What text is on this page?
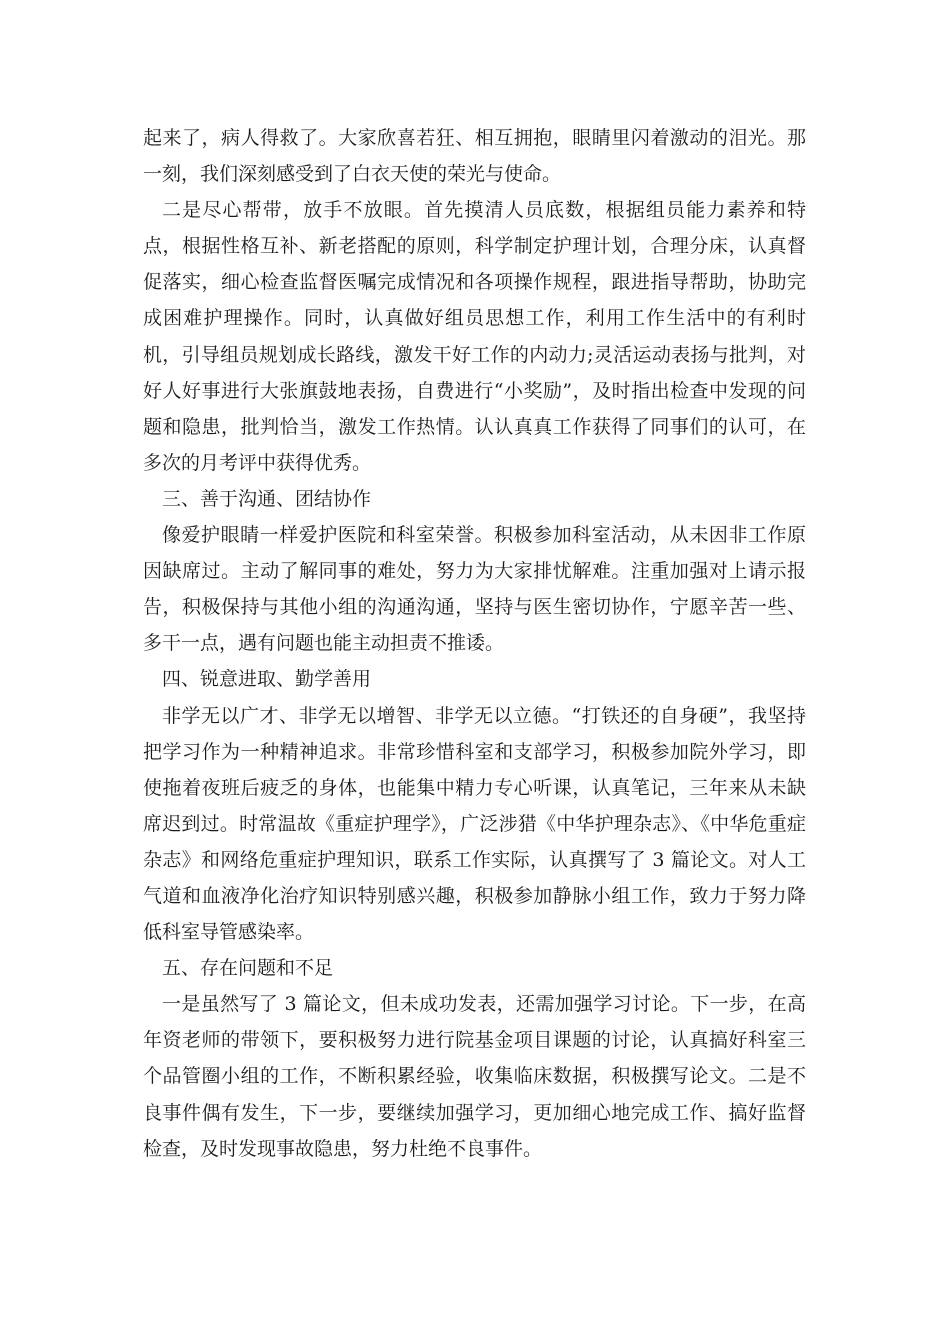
起来了，病人得救了。大家欣喜若狂、相互拥抱，眼睛里闪着激动的泪光。那一刻，我们深刻感受到了白衣天使的荣光与使命。

二是尽心帮带，放手不放眼。首先摸清人员底数，根据组员能力素养和特点，根据性格互补、新老搭配的原则，科学制定护理计划，合理分床，认真督促落实，细心检查监督医嘱完成情况和各项操作规程，跟进指导帮助，协助完成困难护理操作。同时，认真做好组员思想工作，利用工作生活中的有利时机，引导组员规划成长路线，激发干好工作的内动力;灵活运动表扬与批判，对好人好事进行大张旗鼓地表扬，自费进行“小奖励”，及时指出检查中发现的问题和隐患，批判恰当，激发工作热情。认认真真工作获得了同事们的认可，在多次的月考评中获得优秀。

三、善于沟通、团结协作

像爱护眼睛一样爱护医院和科室荣誉。积极参加科室活动，从未因非工作原因缺席过。主动了解同事的难处，努力为大家排忧解难。注重加强对上请示报告，积极保持与其他小组的沟通沟通，坚持与医生密切协作，宁愿辛苦一些、多干一点，遇有问题也能主动担责不推诿。

四、锐意进取、勤学善用

非学无以广才、非学无以增智、非学无以立德。“打铁还的自身硬”，我坚持把学习作为一种精神追求。非常珍惜科室和支部学习，积极参加院外学习，即使拖着夜班后疲乏的身体，也能集中精力专心听课，认真笔记，三年来从未缺席迟到过。时常温故《重症护理学》，广泛涉猎《中华护理杂志》、《中华危重症杂志》和网络危重症护理知识，联系工作实际，认真撰写了 3 篇论文。对人工气道和血液净化治疗知识特别感兴趣，积极参加静脉小组工作，致力于努力降低科室导管感染率。

五、存在问题和不足

一是虽然写了 3 篇论文，但未成功发表，还需加强学习讨论。下一步，在高年资老师的带领下，要积极努力进行院基金项目课题的讨论，认真搞好科室三个品管圈小组的工作，不断积累经验，收集临床数据，积极撰写论文。二是不良事件偶有发生，下一步，要继续加强学习，更加细心地完成工作、搞好监督检查，及时发现事故隐患，努力杜绝不良事件。
